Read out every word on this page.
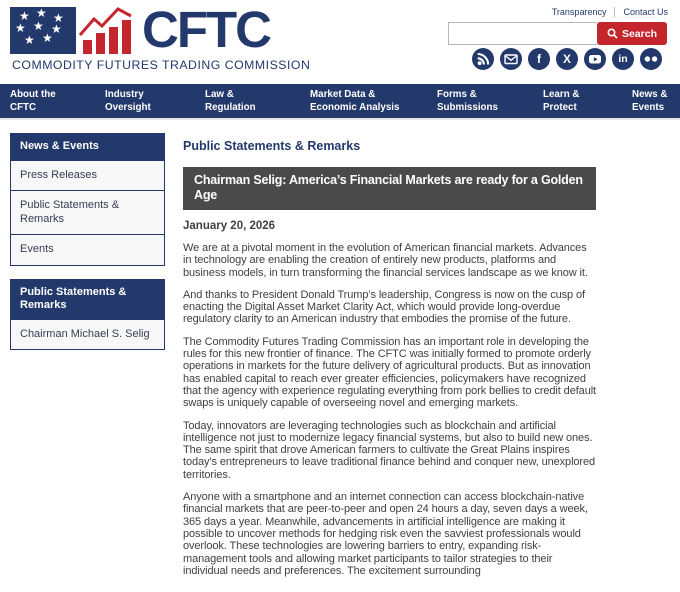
★ ★ ★
★ ★ ★
★ ★ CFTC
COMMODITY FUTURES TRADING COMMISSION
Transparency Contact Us
Search
f X	in
About the
CFTC
Industry
Oversight
Law &
Regulation
Market Data &
Economic Analysis
Forms &
Submissions
Learn &
Protect
News &
Events
News & Events
Press Releases
Public Statements & Remarks
Events
Public Statements & Remarks
Chairman Michael S. Selig
Public Statements & Remarks
Chairman Selig: America’s Financial Markets are ready for a Golden Age
January 20, 2026

We are at a pivotal moment in the evolution of American financial markets. Advances in technology are enabling the creation of entirely new products, platforms and business models, in turn transforming the financial services landscape as we know it.

And thanks to President Donald Trump’s leadership, Congress is now on the cusp of enacting the Digital Asset Market Clarity Act, which would provide long-overdue regulatory clarity to an American industry that embodies the promise of the future.

The Commodity Futures Trading Commission has an important role in developing the rules for this new frontier of finance. The CFTC was initially formed to promote orderly operations in markets for the future delivery of agricultural products. But as innovation has enabled capital to reach ever greater efficiencies, policymakers have recognized that the agency with experience regulating everything from pork bellies to credit default swaps is uniquely capable of overseeing novel and emerging markets.

Today, innovators are leveraging technologies such as blockchain and artificial intelligence not just to modernize legacy financial systems, but also to build new ones. The same spirit that drove American farmers to cultivate the Great Plains inspires today’s entrepreneurs to leave traditional finance behind and conquer new, unexplored territories.

Anyone with a smartphone and an internet connection can access blockchain-native financial markets that are peer-to-peer and open 24 hours a day, seven days a week, 365 days a year. Meanwhile, advancements in artificial intelligence are making it possible to uncover methods for hedging risk even the savviest professionals would overlook. These technologies are lowering barriers to entry, expanding risk-management tools and allowing market participants to tailor strategies to their individual needs and preferences. The excitement surrounding
